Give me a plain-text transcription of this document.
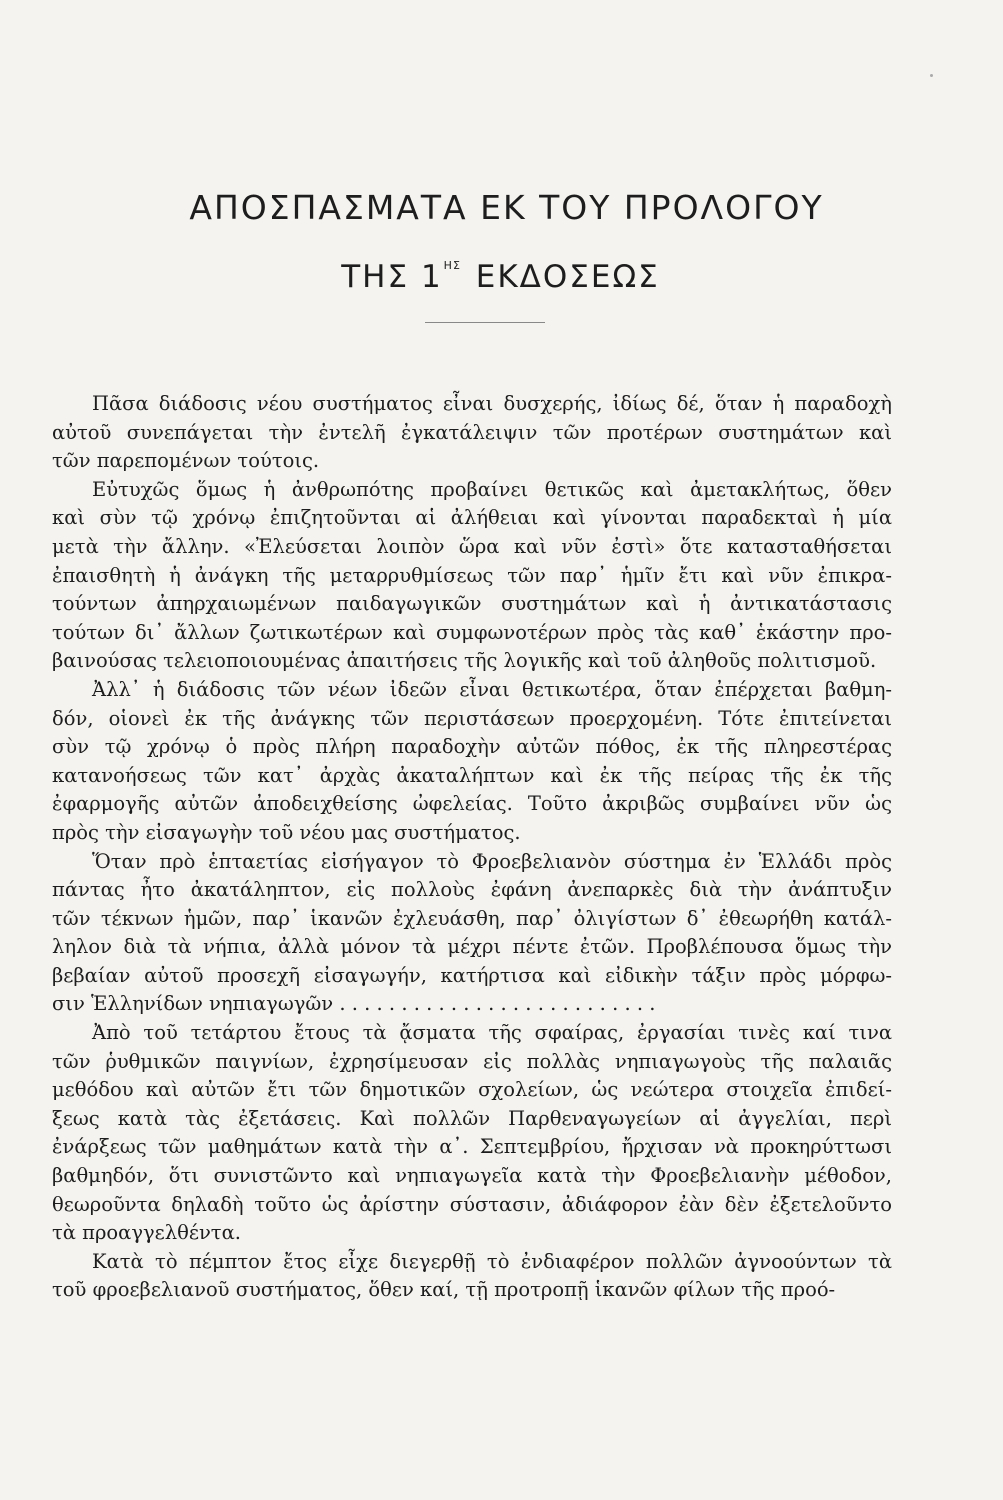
ΑΠΟΣΠΑΣΜΑΤΑ ΕΚ ΤΟΥ ΠΡΟΛΟΓΟΥ
ΤΗΣ $1^{H\Sigma}$ ΕΚΔΟΣΕΩΣ
Πᾶσα διάδοσις νέου συστήματος εἶναι δυσχερής, ἰδίως δέ, ὅταν ἡ παραδοχὴ
αὐτοῦ συνεπάγεται τὴν ἐντελῆ ἐγκατάλειψιν τῶν προτέρων συστημάτων καὶ
τῶν παρεπομένων τούτοις.
Εὐτυχῶς ὅμως ἡ ἀνθρωπότης προβαίνει θετικῶς καὶ ἀμετακλήτως, ὅθεν
καὶ σὺν τῷ χρόνῳ ἐπιζητοῦνται αἱ ἀλήθειαι καὶ γίνονται παραδεκταὶ ἡ μία
μετὰ τὴν ἄλλην. «Ἐλεύσεται λοιπὸν ὥρα καὶ νῦν ἐστὶ» ὅτε κατασταθήσεται
ἐπαισθητὴ ἡ ἀνάγκη τῆς μεταρρυθμίσεως τῶν παρ᾽ ἡμῖν ἔτι καὶ νῦν ἐπικρα-
τούντων ἀπηρχαιωμένων παιδαγωγικῶν συστημάτων καὶ ἡ ἀντικατάστασις
τούτων δι᾽ ἄλλων ζωτικωτέρων καὶ συμφωνοτέρων πρὸς τὰς καθ᾽ ἑκάστην προ-
βαινούσας τελειοποιουμένας ἀπαιτήσεις τῆς λογικῆς καὶ τοῦ ἀληθοῦς πολιτισμοῦ.
Ἀλλ᾽ ἡ διάδοσις τῶν νέων ἰδεῶν εἶναι θετικωτέρα, ὅταν ἐπέρχεται βαθμη-
δόν, οἱονεὶ ἐκ τῆς ἀνάγκης τῶν περιστάσεων προερχομένη. Τότε ἐπιτείνεται
σὺν τῷ χρόνῳ ὁ πρὸς πλήρη παραδοχὴν αὐτῶν πόθος, ἐκ τῆς πληρεστέρας
κατανοήσεως τῶν κατ᾽ ἀρχὰς ἀκαταλήπτων καὶ ἐκ τῆς πείρας τῆς ἐκ τῆς
ἐφαρμογῆς αὐτῶν ἀποδειχθείσης ὠφελείας. Τοῦτο ἀκριβῶς συμβαίνει νῦν ὡς
πρὸς τὴν εἰσαγωγὴν τοῦ νέου μας συστήματος.
Ὅταν πρὸ ἑπταετίας εἰσήγαγον τὸ Φροεβελιανὸν σύστημα ἐν Ἑλλάδι πρὸς
πάντας ἦτο ἀκατάληπτον, εἰς πολλοὺς ἐφάνη ἀνεπαρκὲς διὰ τὴν ἀνάπτυξιν
τῶν τέκνων ἡμῶν, παρ᾽ ἱκανῶν ἐχλευάσθη, παρ᾽ ὀλιγίστων δ᾽ ἐθεωρήθη κατάλ-
ληλον διὰ τὰ νήπια, ἀλλὰ μόνον τὰ μέχρι πέντε ἐτῶν. Προβλέπουσα ὅμως τὴν
βεβαίαν αὐτοῦ προσεχῆ εἰσαγωγήν, κατήρτισα καὶ εἰδικὴν τάξιν πρὸς μόρφω-
σιν Ἑλληνίδων νηπιαγωγῶν . . . . . . . . . . . . . . . . . . . . . . . . . .
Ἀπὸ τοῦ τετάρτου ἔτους τὰ ᾄσματα τῆς σφαίρας, ἐργασίαι τινὲς καί τινα
τῶν ῥυθμικῶν παιγνίων, ἐχρησίμευσαν εἰς πολλὰς νηπιαγωγοὺς τῆς παλαιᾶς
μεθόδου καὶ αὐτῶν ἔτι τῶν δημοτικῶν σχολείων, ὡς νεώτερα στοιχεῖα ἐπιδεί-
ξεως κατὰ τὰς ἐξετάσεις. Καὶ πολλῶν Παρθεναγωγείων αἱ ἀγγελίαι, περὶ
ἐνάρξεως τῶν μαθημάτων κατὰ τὴν α᾽. Σεπτεμβρίου, ἤρχισαν νὰ προκηρύττωσι
βαθμηδόν, ὅτι συνιστῶντο καὶ νηπιαγωγεῖα κατὰ τὴν Φροεβελιανὴν μέθοδον,
θεωροῦντα δηλαδὴ τοῦτο ὡς ἀρίστην σύστασιν, ἀδιάφορον ἐὰν δὲν ἐξετελοῦντο
τὰ προαγγελθέντα.
Κατὰ τὸ πέμπτον ἔτος εἶχε διεγερθῇ τὸ ἐνδιαφέρον πολλῶν ἀγνοούντων τὰ
τοῦ φροεβελιανοῦ συστήματος, ὅθεν καί, τῇ προτροπῇ ἱκανῶν φίλων τῆς προό-
